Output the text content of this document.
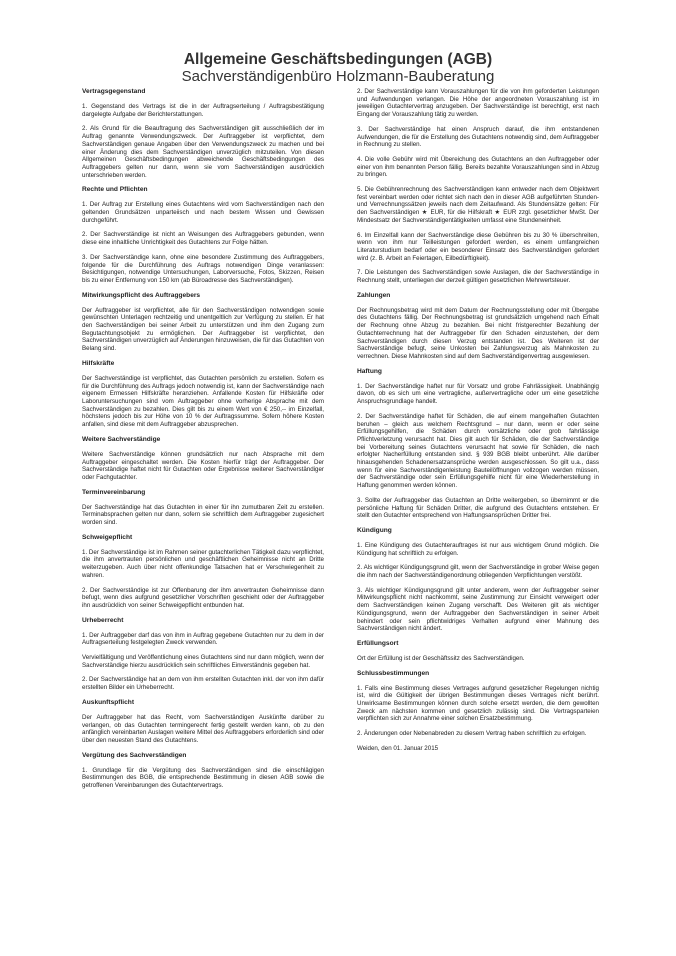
Allgemeine Geschäftsbedingungen (AGB)
Sachverständigenbüro Holzmann-Bauberatung
Vertragsgegenstand

1. Gegenstand des Vertrags ist die in der Auftragserteilung / Auftragsbestätigung dargelegte Aufgabe der Berichterstattungen.

2. Als Grund für die Beauftragung des Sachverständigen gilt ausschließlich der im Auftrag genannte Verwendungszweck. Der Auftraggeber ist verpflichtet, dem Sachverständigen genaue Angaben über den Verwendungszweck zu machen und bei einer Änderung dies dem Sachverständigen unverzüglich mitzuteilen. Von diesen Allgemeinen Geschäftsbedingungen abweichende Geschäftsbedingungen des Auftraggebers gelten nur dann, wenn sie vom Sachverständigen ausdrücklich unterschrieben werden.

Rechte und Pflichten

1. Der Auftrag zur Erstellung eines Gutachtens wird vom Sachverständigen nach den geltenden Grundsätzen unparteiisch und nach bestem Wissen und Gewissen durchgeführt.

2. Der Sachverständige ist nicht an Weisungen des Auftraggebers gebunden, wenn diese eine inhaltliche Unrichtigkeit des Gutachtens zur Folge hätten.

3. Der Sachverständige kann, ohne eine besondere Zustimmung des Auftraggebers, folgende für die Durchführung des Auftrags notwendigen Dinge veranlassen: Besichtigungen, notwendige Untersuchungen, Laborversuche, Fotos, Skizzen, Reisen bis zu einer Entfernung von 150 km (ab Büroadresse des Sachverständigen).

Mitwirkungspflicht des Auftraggebers

Der Auftraggeber ist verpflichtet, alle für den Sachverständigen notwendigen sowie gewünschten Unterlagen rechtzeitig und unentgeltlich zur Verfügung zu stellen. Er hat den Sachverständigen bei seiner Arbeit zu unterstützen und ihm den Zugang zum Begutachtungsobjekt zu ermöglichen. Der Auftraggeber ist verpflichtet, den Sachverständigen unverzüglich auf Änderungen hinzuweisen, die für das Gutachten von Belang sind.

Hilfskräfte

Der Sachverständige ist verpflichtet, das Gutachten persönlich zu erstellen. Sofern es für die Durchführung des Auftrags jedoch notwendig ist, kann der Sachverständige nach eigenem Ermessen Hilfskräfte heranziehen. Anfallende Kosten für Hilfskräfte oder Laboruntersuchungen sind vom Auftraggeber ohne vorherige Absprache mit dem Sachverständigen zu bezahlen. Dies gilt bis zu einem Wert von € 250,-- im Einzelfall, höchstens jedoch bis zur Höhe von 10 % der Auftragssumme. Sofern höhere Kosten anfallen, sind diese mit dem Auftraggeber abzusprechen.

Weitere Sachverständige

Weitere Sachverständige können grundsätzlich nur nach Absprache mit dem Auftraggeber eingeschaltet werden. Die Kosten hierfür trägt der Auftraggeber. Der Sachverständige haftet nicht für Gutachten oder Ergebnisse weiterer Sachverständiger oder Fachgutachter.

Terminvereinbarung

Der Sachverständige hat das Gutachten in einer für ihn zumutbaren Zeit zu erstellen. Terminabsprachen gelten nur dann, sofern sie schriftlich dem Auftraggeber zugesichert worden sind.

Schweigepflicht

1. Der Sachverständige ist im Rahmen seiner gutachterlichen Tätigkeit dazu verpflichtet, die ihm anvertrauten persönlichen und geschäftlichen Geheimnisse nicht an Dritte weiterzugeben. Auch über nicht offenkundige Tatsachen hat er Verschwiegenheit zu wahren.

2. Der Sachverständige ist zur Offenbarung der ihm anvertrauten Geheimnisse dann befugt, wenn dies aufgrund gesetzlicher Vorschriften geschieht oder der Auftraggeber ihn ausdrücklich von seiner Schweigepflicht entbunden hat.

Urheberrecht

1. Der Auftraggeber darf das von ihm in Auftrag gegebene Gutachten nur zu dem in der Auftragserteilung festgelegten Zweck verwenden.

Vervielfältigung und Veröffentlichung eines Gutachtens sind nur dann möglich, wenn der Sachverständige hierzu ausdrücklich sein schriftliches Einverständnis gegeben hat.

2. Der Sachverständige hat an dem von ihm erstellten Gutachten inkl. der von ihm dafür erstellten Bilder ein Urheberrecht.

Auskunftspflicht

Der Auftraggeber hat das Recht, vom Sachverständigen Auskünfte darüber zu verlangen, ob das Gutachten termingerecht fertig gestellt werden kann, ob zu den anfänglich vereinbarten Auslagen weitere Mittel des Auftraggebers erforderlich sind oder über den neuesten Stand des Gutachtens.

Vergütung des Sachverständigen

1. Grundlage für die Vergütung des Sachverständigen sind die einschlägigen Bestimmungen des BGB, die entsprechende Bestimmung in diesen AGB sowie die getroffenen Vereinbarungen des Gutachtervertrags.

2. Der Sachverständige kann Vorauszahlungen für die von ihm geforderten Leistungen und Aufwendungen verlangen. Die Höhe der angeordneten Vorauszahlung ist im jeweiligen Gutachtervertrag anzugeben. Der Sachverständige ist berechtigt, erst nach Eingang der Vorauszahlung tätig zu werden.

3. Der Sachverständige hat einen Anspruch darauf, die ihm entstandenen Aufwendungen, die für die Erstellung des Gutachtens notwendig sind, dem Auftraggeber in Rechnung zu stellen.

4. Die volle Gebühr wird mit Übereichung des Gutachtens an den Auftraggeber oder einer von ihm benannten Person fällig. Bereits bezahlte Vorauszahlungen sind in Abzug zu bringen.

5. Die Gebührenrechnung des Sachverständigen kann entweder nach dem Objektwert fest vereinbart werden oder richtet sich nach den in dieser AGB aufgeführten Stunden- und Verrechnungssätzen jeweils nach dem Zeitaufwand. Als Stundensätze gelten: Für den Sachverständigen ★ EUR, für die Hilfskraft ★ EUR zzgl. gesetzlicher MwSt. Der Mindestsatz der Sachverständigentätigkeiten umfasst eine Stundeneinheit.

6. Im Einzelfall kann der Sachverständige diese Gebühren bis zu 30 % überschreiten, wenn von ihm nur Teilleistungen gefordert werden, es einem umfangreichen Literaturstudium bedarf oder ein besonderer Einsatz des Sachverständigen gefordert wird (z. B. Arbeit an Feiertagen, Eilbedürftigkeit).

7. Die Leistungen des Sachverständigen sowie Auslagen, die der Sachverständige in Rechnung stellt, unterliegen der derzeit gültigen gesetzlichen Mehrwertsteuer.

Zahlungen

Der Rechnungsbetrag wird mit dem Datum der Rechnungsstellung oder mit Übergabe des Gutachtens fällig. Der Rechnungsbetrag ist grundsätzlich umgehend nach Erhalt der Rechnung ohne Abzug zu bezahlen. Bei nicht fristgerechter Bezahlung der Gutachterrechnung hat der Auftraggeber für den Schaden einzustehen, der dem Sachverständigen durch diesen Verzug entstanden ist. Des Weiteren ist der Sachverständige befugt, seine Unkosten bei Zahlungsverzug als Mahnkosten zu verrechnen. Diese Mahnkosten sind auf dem Sachverständigenvertrag ausgewiesen.

Haftung

1. Der Sachverständige haftet nur für Vorsatz und grobe Fahrlässigkeit. Unabhängig davon, ob es sich um eine vertragliche, außervertragliche oder um eine gesetzliche Anspruchsgrundlage handelt.

2. Der Sachverständige haftet für Schäden, die auf einem mangelhaften Gutachten beruhen – gleich aus welchem Rechtsgrund – nur dann, wenn er oder seine Erfüllungsgehilfen, die Schäden durch vorsätzliche oder grob fahrlässige Pflichtverletzung verursacht hat. Dies gilt auch für Schäden, die der Sachverständige bei Vorbereitung seines Gutachtens verursacht hat sowie für Schäden, die nach erfolgter Nacherfüllung entstanden sind. § 939 BGB bleibt unberührt. Alle darüber hinausgehenden Schadenersatzansprüche werden ausgeschlossen. So gilt u.a., dass wenn für eine Sachverständigenleistung Bauteilöffnungen vollzogen werden müssen, der Sachverständige oder sein Erfüllungsgehilfe nicht für eine Wiederherstellung in Haftung genommen werden können.

3. Sollte der Auftraggeber das Gutachten an Dritte weitergeben, so übernimmt er die persönliche Haftung für Schäden Dritter, die aufgrund des Gutachtens entstehen. Er stellt den Gutachter entsprechend von Haftungsansprüchen Dritter frei.

Kündigung

1. Eine Kündigung des Gutachterauftrages ist nur aus wichtigem Grund möglich. Die Kündigung hat schriftlich zu erfolgen.

2. Als wichtiger Kündigungsgrund gilt, wenn der Sachverständige in grober Weise gegen die ihm nach der Sachverständigenordnung obliegenden Verpflichtungen verstößt.

3. Als wichtiger Kündigungsgrund gilt unter anderem, wenn der Auftraggeber seiner Mitwirkungspflicht nicht nachkommt, seine Zustimmung zur Einsicht verweigert oder dem Sachverständigen keinen Zugang verschafft. Des Weiteren gilt als wichtiger Kündigungsgrund, wenn der Auftraggeber den Sachverständigen in seiner Arbeit behindert oder sein pflichtwidriges Verhalten aufgrund einer Mahnung des Sachverständigen nicht ändert.

Erfüllungsort

Ort der Erfüllung ist der Geschäftssitz des Sachverständigen.

Schlussbestimmungen

1. Falls eine Bestimmung dieses Vertrages aufgrund gesetzlicher Regelungen nichtig ist, wird die Gültigkeit der übrigen Bestimmungen dieses Vertrages nicht berührt. Unwirksame Bestimmungen können durch solche ersetzt werden, die dem gewollten Zweck am nächsten kommen und gesetzlich zulässig sind. Die Vertragsparteien verpflichten sich zur Annahme einer solchen Ersatzbestimmung.

2. Änderungen oder Nebenabreden zu diesem Vertrag haben schriftlich zu erfolgen.

Weiden, den 01. Januar 2015
